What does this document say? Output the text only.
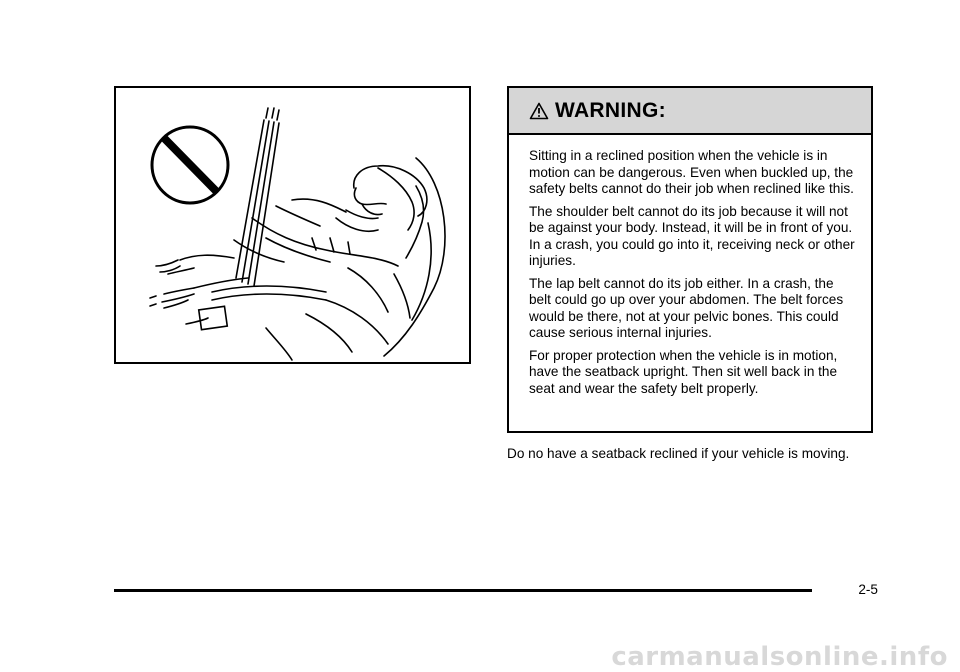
WARNING:

Sitting in a reclined position when the vehicle is in motion can be dangerous. Even when buckled up, the safety belts cannot do their job when reclined like this.

The shoulder belt cannot do its job because it will not be against your body. Instead, it will be in front of you. In a crash, you could go into it, receiving neck or other injuries.

The lap belt cannot do its job either. In a crash, the belt could go up over your abdomen. The belt forces would be there, not at your pelvic bones. This could cause serious internal injuries.

For proper protection when the vehicle is in motion, have the seatback upright. Then sit well back in the seat and wear the safety belt properly.

Do no have a seatback reclined if your vehicle is moving.

2-5
carmanualsonline.info
